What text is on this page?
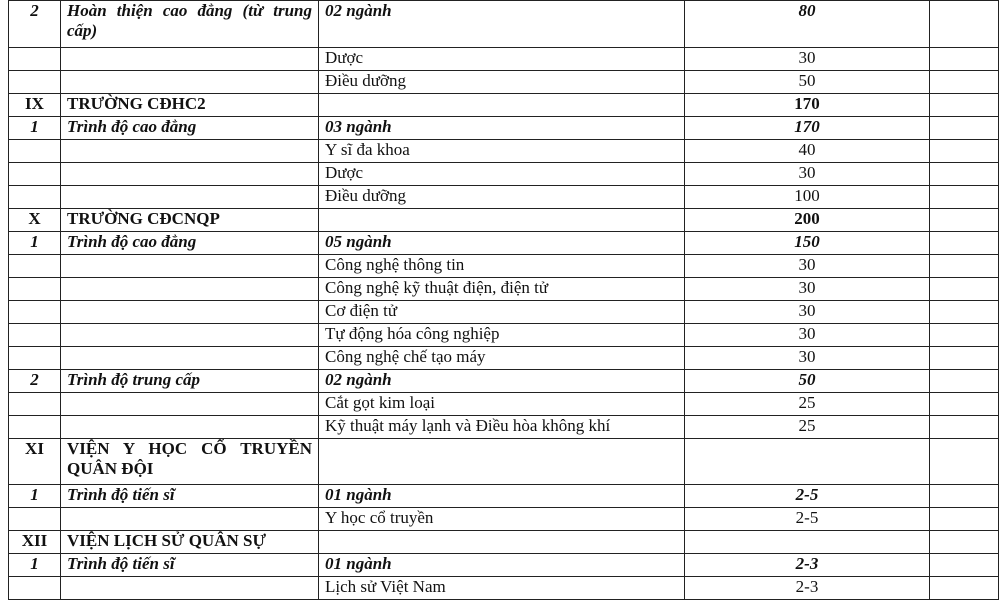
2	Hoàn thiện cao đẳng (từ trung cấp)	02 ngành	80	
		Dược	30	
		Điều dưỡng	50	
IX	TRƯỜNG CĐHC2		170	
1	Trình độ cao đẳng	03 ngành	170	
		Y sĩ đa khoa	40	
		Dược	30	
		Điều dưỡng	100	
X	TRƯỜNG CĐCNQP		200	
1	Trình độ cao đẳng	05 ngành	150	
		Công nghệ thông tin	30	
		Công nghệ kỹ thuật điện, điện tử	30	
		Cơ điện tử	30	
		Tự động hóa công nghiệp	30	
		Công nghệ chế tạo máy	30	
2	Trình độ trung cấp	02 ngành	50	
		Cắt gọt kim loại	25	
		Kỹ thuật máy lạnh và Điều hòa không khí	25	
XI	VIỆN Y HỌC CỔ TRUYỀN QUÂN ĐỘI			
1	Trình độ tiến sĩ	01 ngành	2-5	
		Y học cổ truyền	2-5	
XII	VIỆN LỊCH SỬ QUÂN SỰ			
1	Trình độ tiến sĩ	01 ngành	2-3	
		Lịch sử Việt Nam	2-3	
